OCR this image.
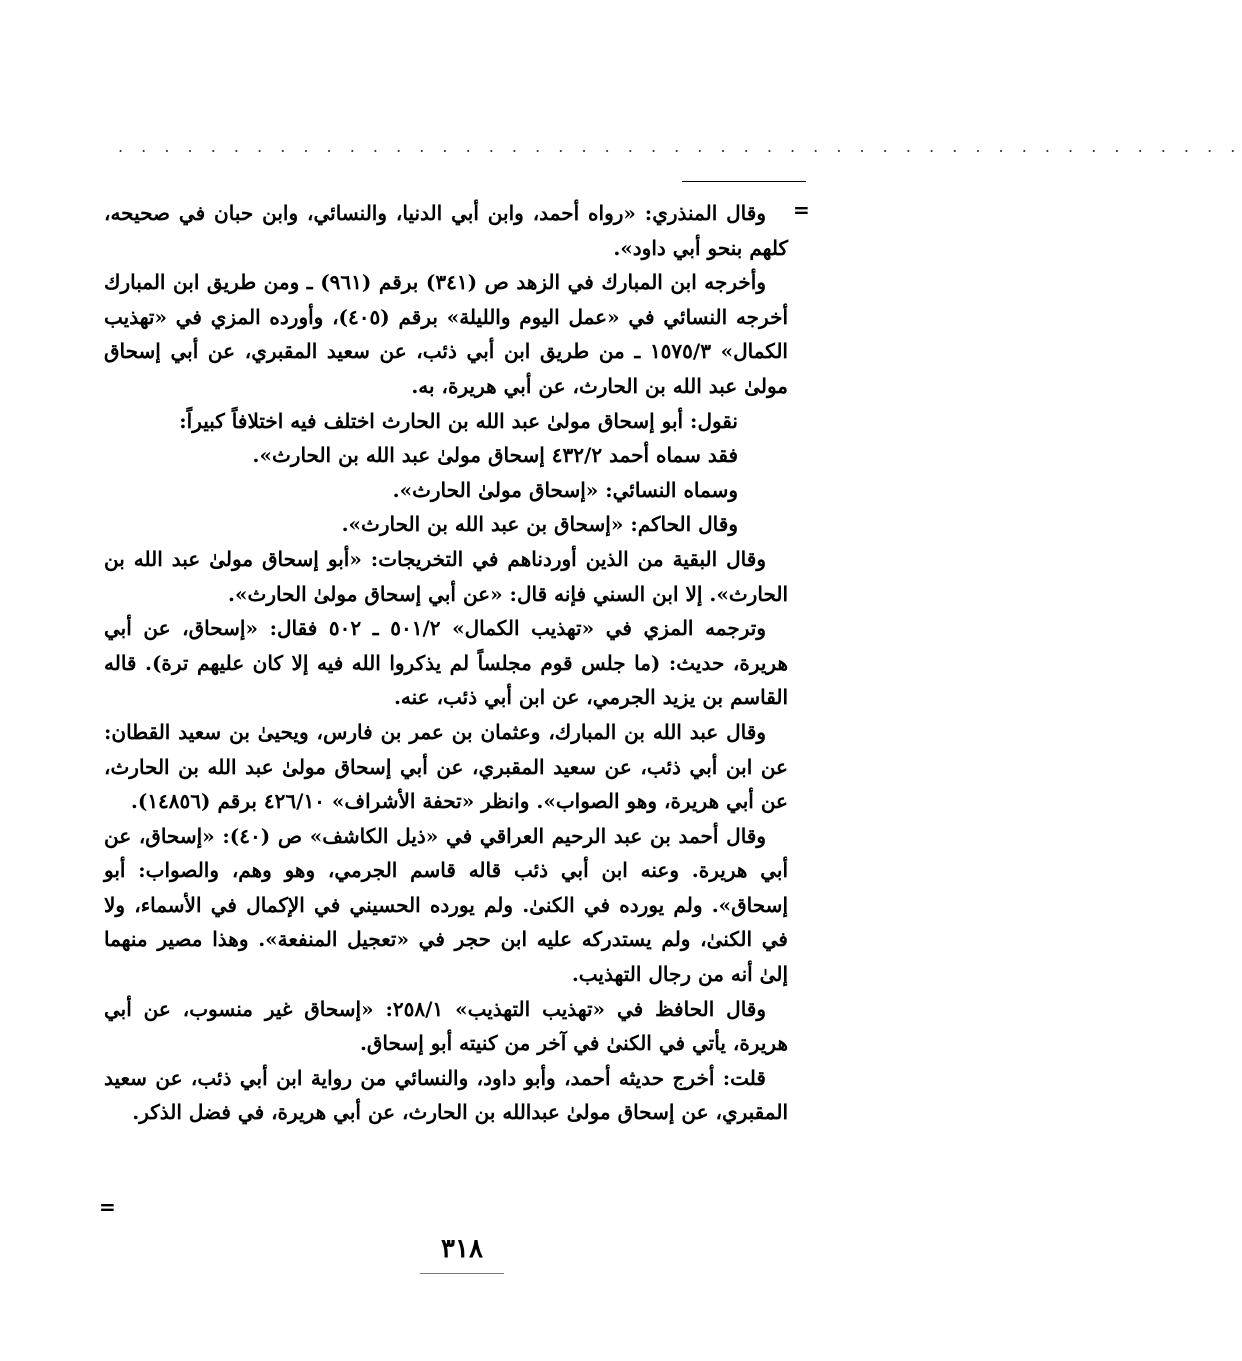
. . . . . . . . . . . . . . . . . . . . . . . . . . . . . . . . . . . . . . . . . . . . . . . . .
=

وقال المنذري: «رواه أحمد، وابن أبي الدنيا، والنسائي، وابن حبان في صحيحه، كلهم بنحو أبي داود».

وأخرجه ابن المبارك في الزهد ص (٣٤١) برقم (٩٦١) ـ ومن طريق ابن المبارك أخرجه النسائي في «عمل اليوم والليلة» برقم (٤٠٥)، وأورده المزي في «تهذيب الكمال» ١٥٧٥/٣ ـ من طريق ابن أبي ذئب، عن سعيد المقبري، عن أبي إسحاق مولىٰ عبد الله بن الحارث، عن أبي هريرة، به.

نقول: أبو إسحاق مولىٰ عبد الله بن الحارث اختلف فيه اختلافاً كبيراً:

فقد سماه أحمد ٤٣٢/٢ إسحاق مولىٰ عبد الله بن الحارث».

وسماه النسائي: «إسحاق مولىٰ الحارث».

وقال الحاكم: «إسحاق بن عبد الله بن الحارث».

وقال البقية من الذين أوردناهم في التخريجات: «أبو إسحاق مولىٰ عبد الله بن الحارث». إلا ابن السني فإنه قال: «عن أبي إسحاق مولىٰ الحارث».

وترجمه المزي في «تهذيب الكمال» ٥٠١/٢ ـ ٥٠٢ فقال: «إسحاق، عن أبي هريرة، حديث: (ما جلس قوم مجلساً لم يذكروا الله فيه إلا كان عليهم ترة). قاله القاسم بن يزيد الجرمي، عن ابن أبي ذئب، عنه.

وقال عبد الله بن المبارك، وعثمان بن عمر بن فارس، ويحيىٰ بن سعيد القطان: عن ابن أبي ذئب، عن سعيد المقبري، عن أبي إسحاق مولىٰ عبد الله بن الحارث، عن أبي هريرة، وهو الصواب». وانظر «تحفة الأشراف» ٤٢٦/١٠ برقم (١٤٨٥٦).

وقال أحمد بن عبد الرحيم العراقي في «ذيل الكاشف» ص (٤٠): «إسحاق، عن أبي هريرة. وعنه ابن أبي ذئب قاله قاسم الجرمي، وهو وهم، والصواب: أبو إسحاق». ولم يورده في الكنىٰ. ولم يورده الحسيني في الإكمال في الأسماء، ولا في الكنىٰ، ولم يستدركه عليه ابن حجر في «تعجيل المنفعة». وهذا مصير منهما إلىٰ أنه من رجال التهذيب.

وقال الحافظ في «تهذيب التهذيب» ٢٥٨/١: «إسحاق غير منسوب، عن أبي هريرة، يأتي في الكنىٰ في آخر من كنيته أبو إسحاق.

قلت: أخرج حديثه أحمد، وأبو داود، والنسائي من رواية ابن أبي ذئب، عن سعيد المقبري، عن إسحاق مولىٰ عبدالله بن الحارث، عن أبي هريرة، في فضل الذكر.

=
٣١٨
